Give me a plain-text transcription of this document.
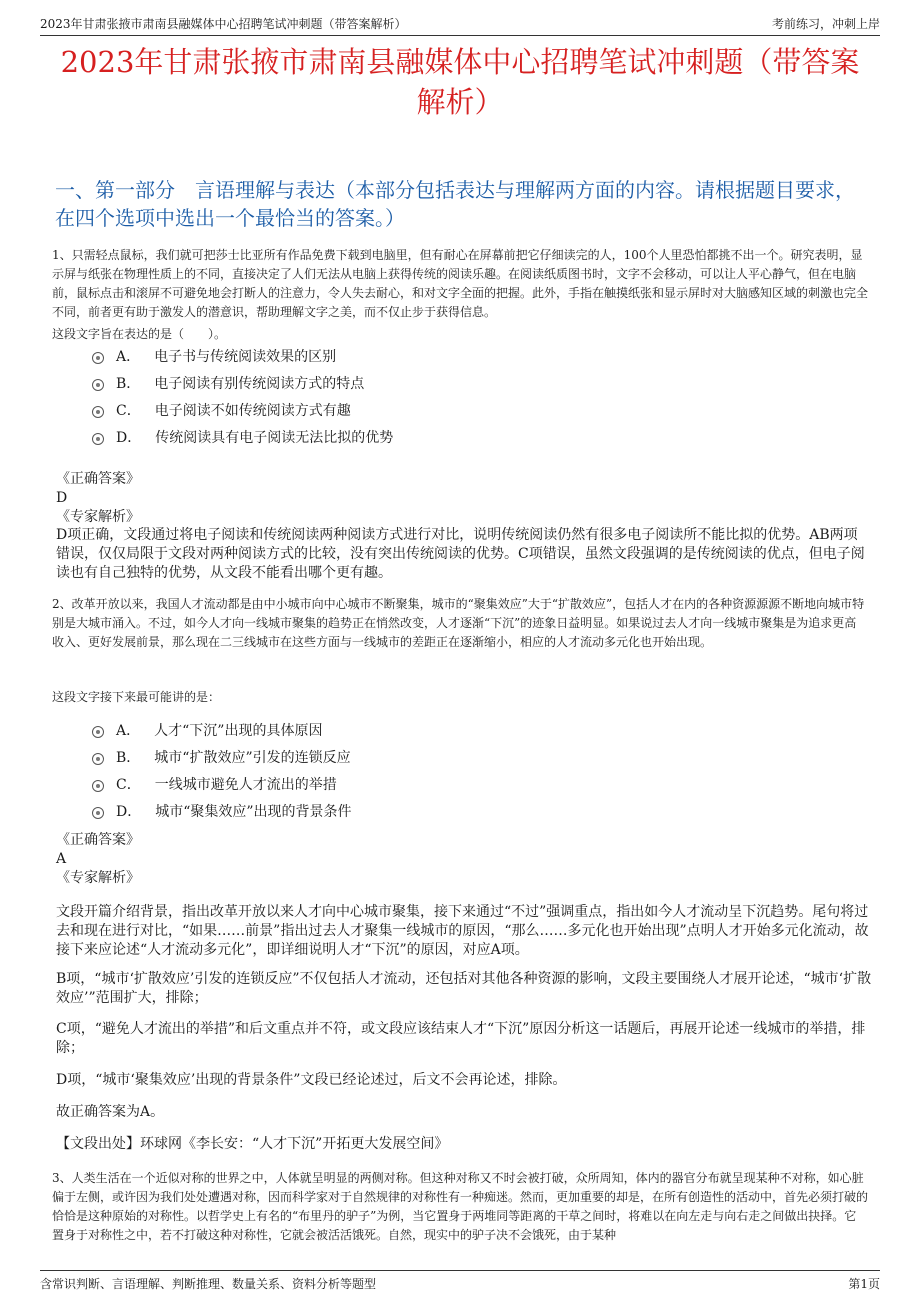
2023年甘肃张掖市肃南县融媒体中心招聘笔试冲刺题（带答案解析）	考前练习，冲刺上岸
2023年甘肃张掖市肃南县融媒体中心招聘笔试冲刺题（带答案解析）
一、第一部分　言语理解与表达（本部分包括表达与理解两方面的内容。请根据题目要求，在四个选项中选出一个最恰当的答案。）
1、只需轻点鼠标，我们就可把莎士比亚所有作品免费下载到电脑里，但有耐心在屏幕前把它仔细读完的人，100个人里恐怕都挑不出一个。研究表明，显示屏与纸张在物理性质上的不同，直接决定了人们无法从电脑上获得传统的阅读乐趣。在阅读纸质图书时，文字不会移动，可以让人平心静气，但在电脑前，鼠标点击和滚屏不可避免地会打断人的注意力，令人失去耐心，和对文字全面的把握。此外，手指在触摸纸张和显示屏时对大脑感知区域的刺激也完全不同，前者更有助于激发人的潜意识，帮助理解文字之美，而不仅止步于获得信息。
这段文字旨在表达的是（　　）。
A． 电子书与传统阅读效果的区别
B． 电子阅读有别传统阅读方式的特点
C． 电子阅读不如传统阅读方式有趣
D． 传统阅读具有电子阅读无法比拟的优势
《正确答案》
D
《专家解析》
D项正确，文段通过将电子阅读和传统阅读两种阅读方式进行对比，说明传统阅读仍然有很多电子阅读所不能比拟的优势。AB两项错误，仅仅局限于文段对两种阅读方式的比较，没有突出传统阅读的优势。C项错误，虽然文段强调的是传统阅读的优点，但电子阅读也有自己独特的优势，从文段不能看出哪个更有趣。
2、改革开放以来，我国人才流动都是由中小城市向中心城市不断聚集，城市的“聚集效应”大于“扩散效应”，包括人才在内的各种资源源源不断地向城市特别是大城市涌入。不过，如今人才向一线城市聚集的趋势正在悄然改变，人才逐渐“下沉”的迹象日益明显。如果说过去人才向一线城市聚集是为追求更高收入、更好发展前景，那么现在二三线城市在这些方面与一线城市的差距正在逐渐缩小，相应的人才流动多元化也开始出现。
这段文字接下来最可能讲的是：
A． 人才“下沉”出现的具体原因
B． 城市“扩散效应”引发的连锁反应
C． 一线城市避免人才流出的举措
D． 城市“聚集效应”出现的背景条件
《正确答案》
A
《专家解析》
文段开篇介绍背景，指出改革开放以来人才向中心城市聚集，接下来通过“不过”强调重点，指出如今人才流动呈下沉趋势。尾句将过去和现在进行对比，“如果……前景”指出过去人才聚集一线城市的原因，“那么……多元化也开始出现”点明人才开始多元化流动，故接下来应论述“人才流动多元化”，即详细说明人才“下沉”的原因，对应A项。
B项，“城市‘扩散效应’引发的连锁反应”不仅包括人才流动，还包括对其他各种资源的影响，文段主要围绕人才展开论述，“城市‘扩散效应’”范围扩大，排除；
C项，“避免人才流出的举措”和后文重点并不符，或文段应该结束人才“下沉”原因分析这一话题后，再展开论述一线城市的举措，排除；
D项，“城市‘聚集效应’出现的背景条件”文段已经论述过，后文不会再论述，排除。
故正确答案为A。
【文段出处】环球网《李长安：“人才下沉”开拓更大发展空间》
3、人类生活在一个近似对称的世界之中，人体就呈明显的两侧对称。但这种对称又不时会被打破，众所周知，体内的器官分布就呈现某种不对称，如心脏偏于左侧，或许因为我们处处遭遇对称，因而科学家对于自然规律的对称性有一种痴迷。然而，更加重要的却是，在所有创造性的活动中，首先必须打破的恰恰是这种原始的对称性。以哲学史上有名的“布里丹的驴子”为例，当它置身于两堆同等距离的干草之间时，将难以在向左走与向右走之间做出抉择。它置身于对称性之中，若不打破这种对称性，它就会被活活饿死。自然，现实中的驴子决不会饿死，由于某种
含常识判断、言语理解、判断推理、数量关系、资料分析等题型	第1页
